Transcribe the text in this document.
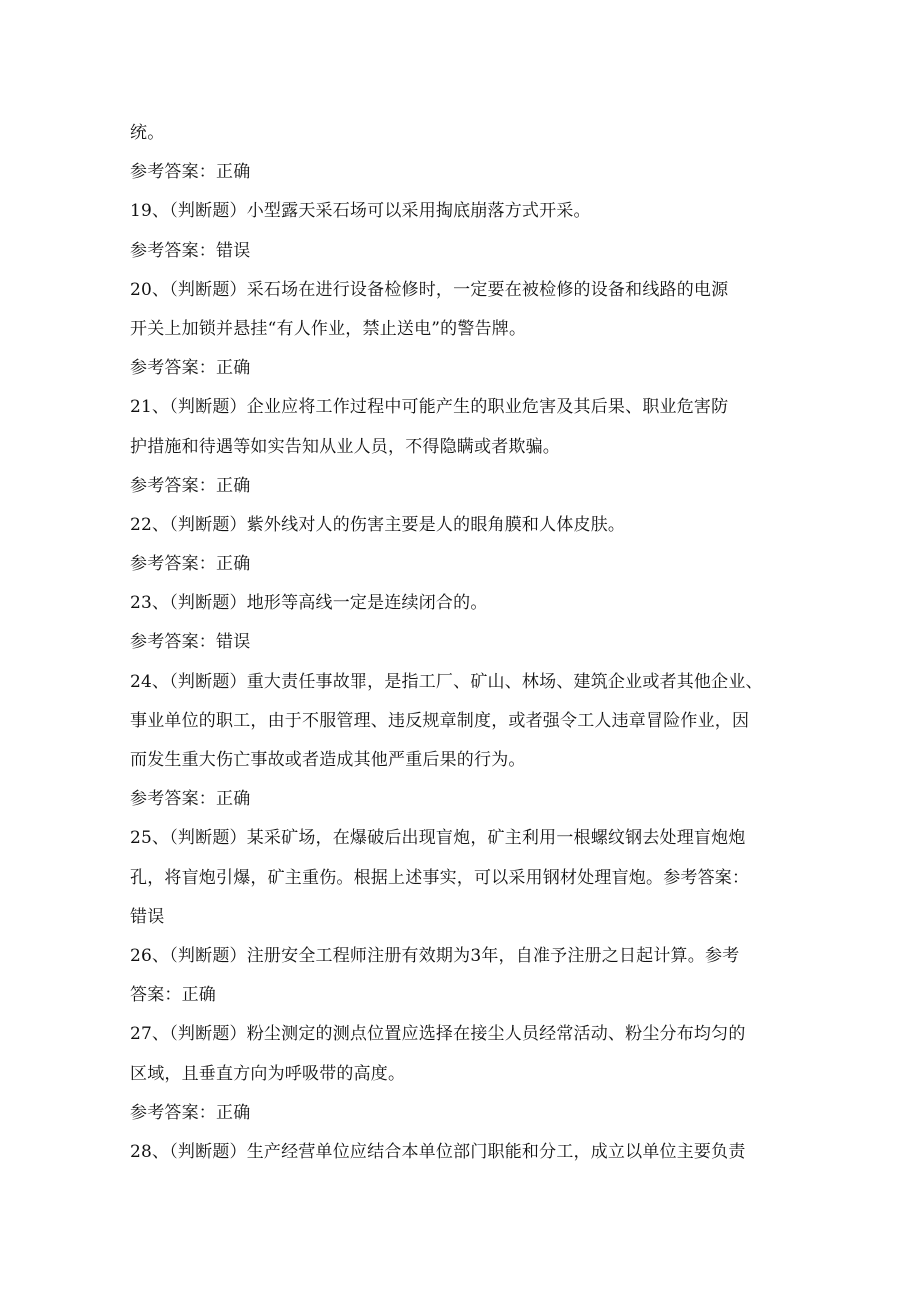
统。
参考答案：正确
19、（判断题）小型露天采石场可以采用掏底崩落方式开采。
参考答案：错误
20、（判断题）采石场在进行设备检修时，一定要在被检修的设备和线路的电源
开关上加锁并悬挂“有人作业，禁止送电”的警告牌。
参考答案：正确
21、（判断题）企业应将工作过程中可能产生的职业危害及其后果、职业危害防
护措施和待遇等如实告知从业人员，不得隐瞒或者欺骗。
参考答案：正确
22、（判断题）紫外线对人的伤害主要是人的眼角膜和人体皮肤。
参考答案：正确
23、（判断题）地形等高线一定是连续闭合的。
参考答案：错误
24、（判断题）重大责任事故罪，是指工厂、矿山、林场、建筑企业或者其他企业、
事业单位的职工，由于不服管理、违反规章制度，或者强令工人违章冒险作业，因
而发生重大伤亡事故或者造成其他严重后果的行为。
参考答案：正确
25、（判断题）某采矿场，在爆破后出现盲炮，矿主利用一根螺纹钢去处理盲炮炮
孔，将盲炮引爆，矿主重伤。根据上述事实，可以采用钢材处理盲炮。参考答案：
错误
26、（判断题）注册安全工程师注册有效期为3年，自准予注册之日起计算。参考
答案：正确
27、（判断题）粉尘测定的测点位置应选择在接尘人员经常活动、粉尘分布均匀的
区域，且垂直方向为呼吸带的高度。
参考答案：正确
28、（判断题）生产经营单位应结合本单位部门职能和分工，成立以单位主要负责
